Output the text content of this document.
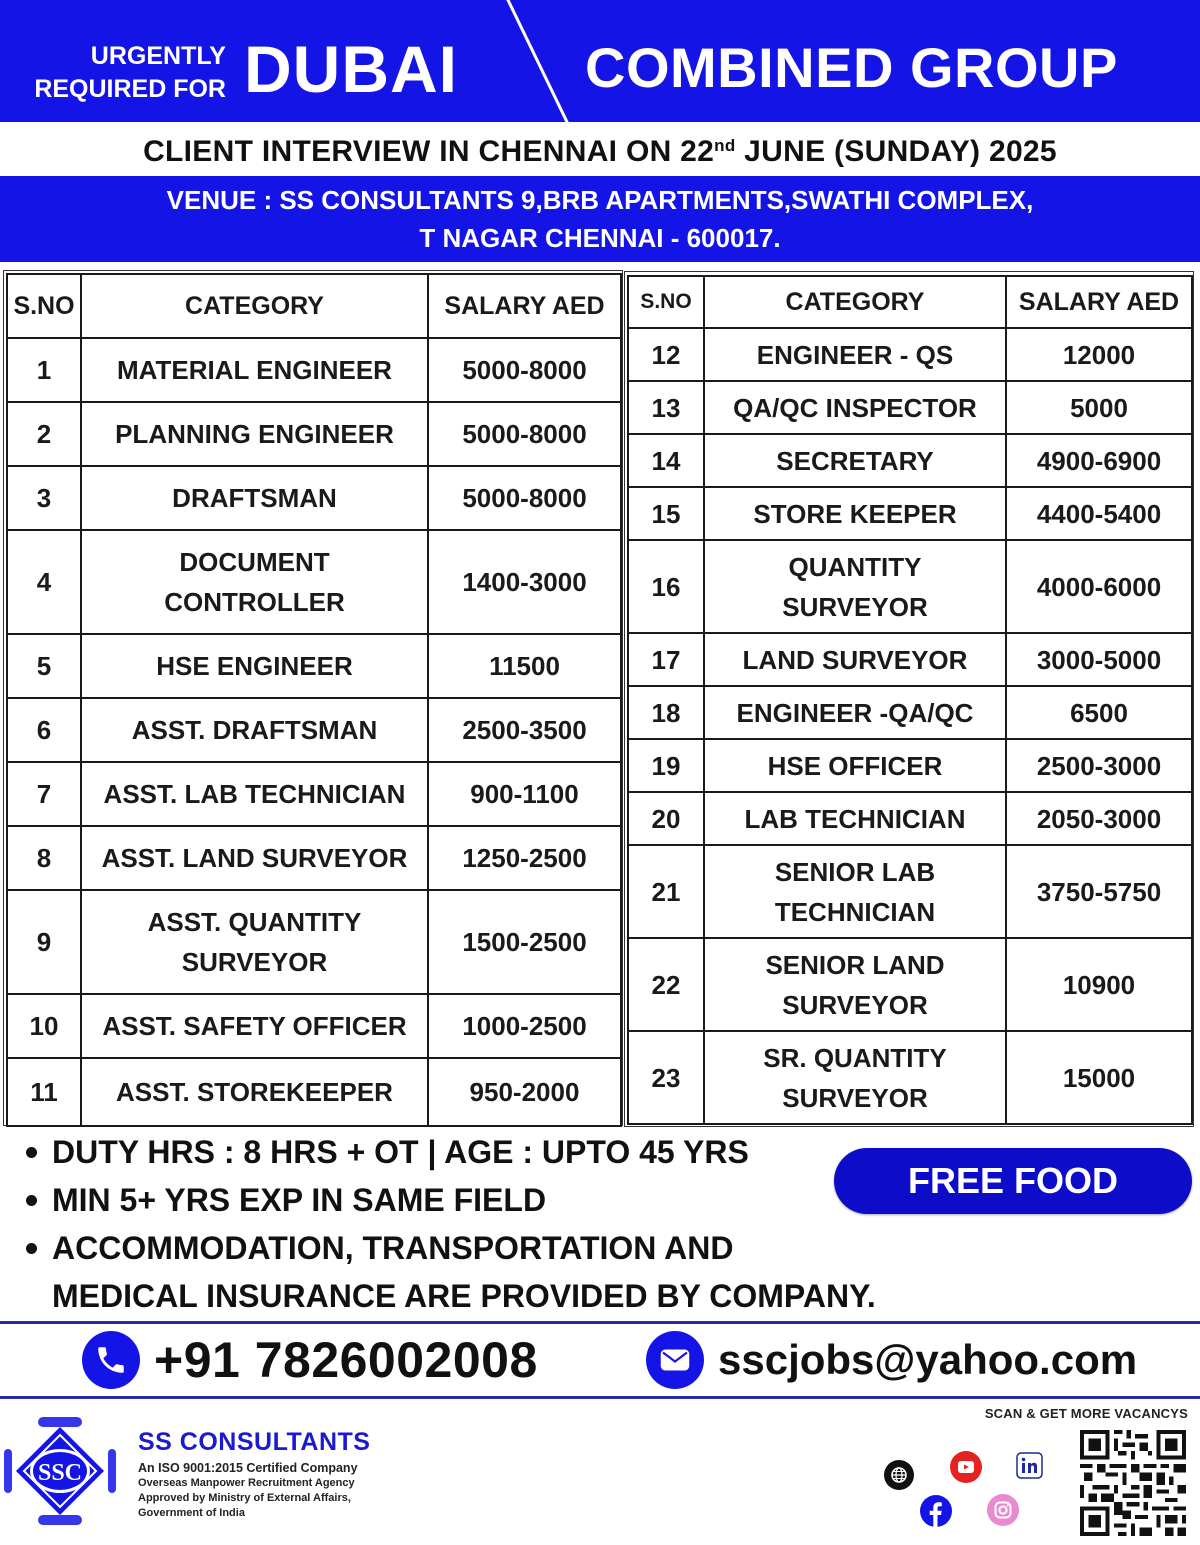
URGENTLY
REQUIRED FOR DUBAI COMBINED GROUP
CLIENT INTERVIEW IN CHENNAI ON 22nd JUNE (SUNDAY) 2025
VENUE : SS CONSULTANTS 9,BRB APARTMENTS,SWATHI COMPLEX,
T NAGAR CHENNAI - 600017.
S.NO	CATEGORY	SALARY AED
1	MATERIAL ENGINEER	5000-8000
2	PLANNING ENGINEER	5000-8000
3	DRAFTSMAN	5000-8000
4	DOCUMENT
CONTROLLER	1400-3000
5	HSE ENGINEER	11500
6	ASST. DRAFTSMAN	2500-3500
7	ASST. LAB TECHNICIAN	900-1100
8	ASST. LAND SURVEYOR	1250-2500
9	ASST. QUANTITY
SURVEYOR	1500-2500
10	ASST. SAFETY OFFICER	1000-2500
11	ASST. STOREKEEPER	950-2000
S.NO	CATEGORY	SALARY AED
12	ENGINEER - QS	12000
13	QA/QC INSPECTOR	5000
14	SECRETARY	4900-6900
15	STORE KEEPER	4400-5400
16	QUANTITY
SURVEYOR	4000-6000
17	LAND SURVEYOR	3000-5000
18	ENGINEER -QA/QC	6500
19	HSE OFFICER	2500-3000
20	LAB TECHNICIAN	2050-3000
21	SENIOR LAB
TECHNICIAN	3750-5750
22	SENIOR LAND
SURVEYOR	10900
23	SR. QUANTITY
SURVEYOR	15000
DUTY HRS : 8 HRS + OT | AGE : UPTO 45 YRS
MIN 5+ YRS EXP IN SAME FIELD
ACCOMMODATION, TRANSPORTATION AND
MEDICAL INSURANCE ARE PROVIDED BY COMPANY.
FREE FOOD
+91 7826002008	sscjobs@yahoo.com
SSC
SS CONSULTANTS
An ISO 9001:2015 Certified Company
Overseas Manpower Recruitment Agency
Approved by Ministry of External Affairs,
Government of India
SCAN & GET MORE VACANCYS
